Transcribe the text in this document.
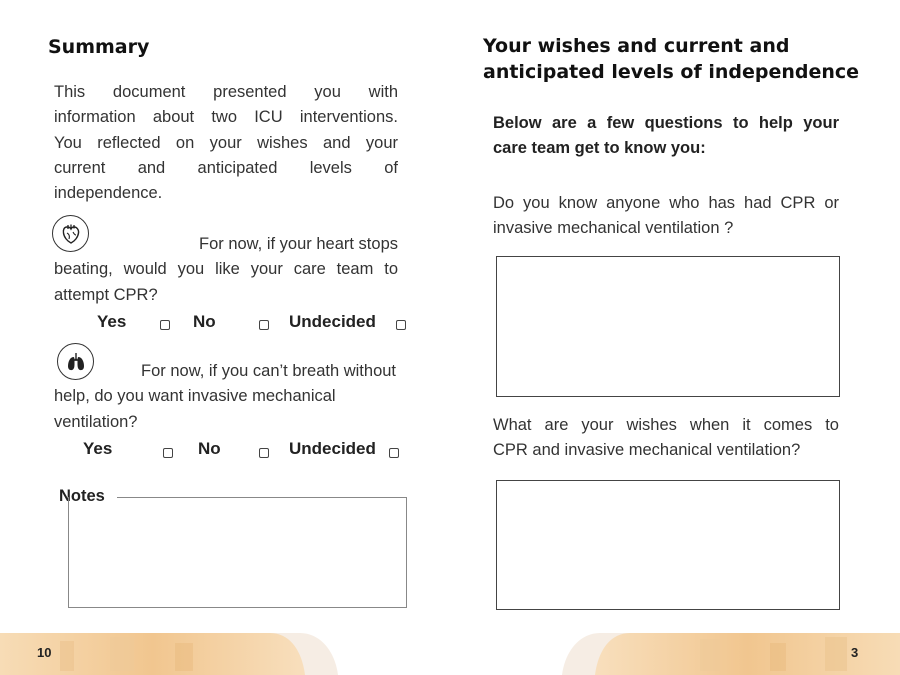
Summary
This document presented you with
information about two ICU interventions.
You reflected on your wishes and your
current and anticipated levels of
independence.
For now, if your heart stops
beating, would you like your care team to
attempt CPR?
Yes	No	Undecided
For now, if you can’t breath without
help, do you want invasive mechanical
ventilation?
Yes	No	Undecided
Notes
Your wishes and current and
anticipated levels of independence
Below are a few questions to help your
care team get to know you:
Do you know anyone who has had CPR or
invasive mechanical ventilation ?
What are your wishes when it comes to
CPR and invasive mechanical ventilation?
10	3
